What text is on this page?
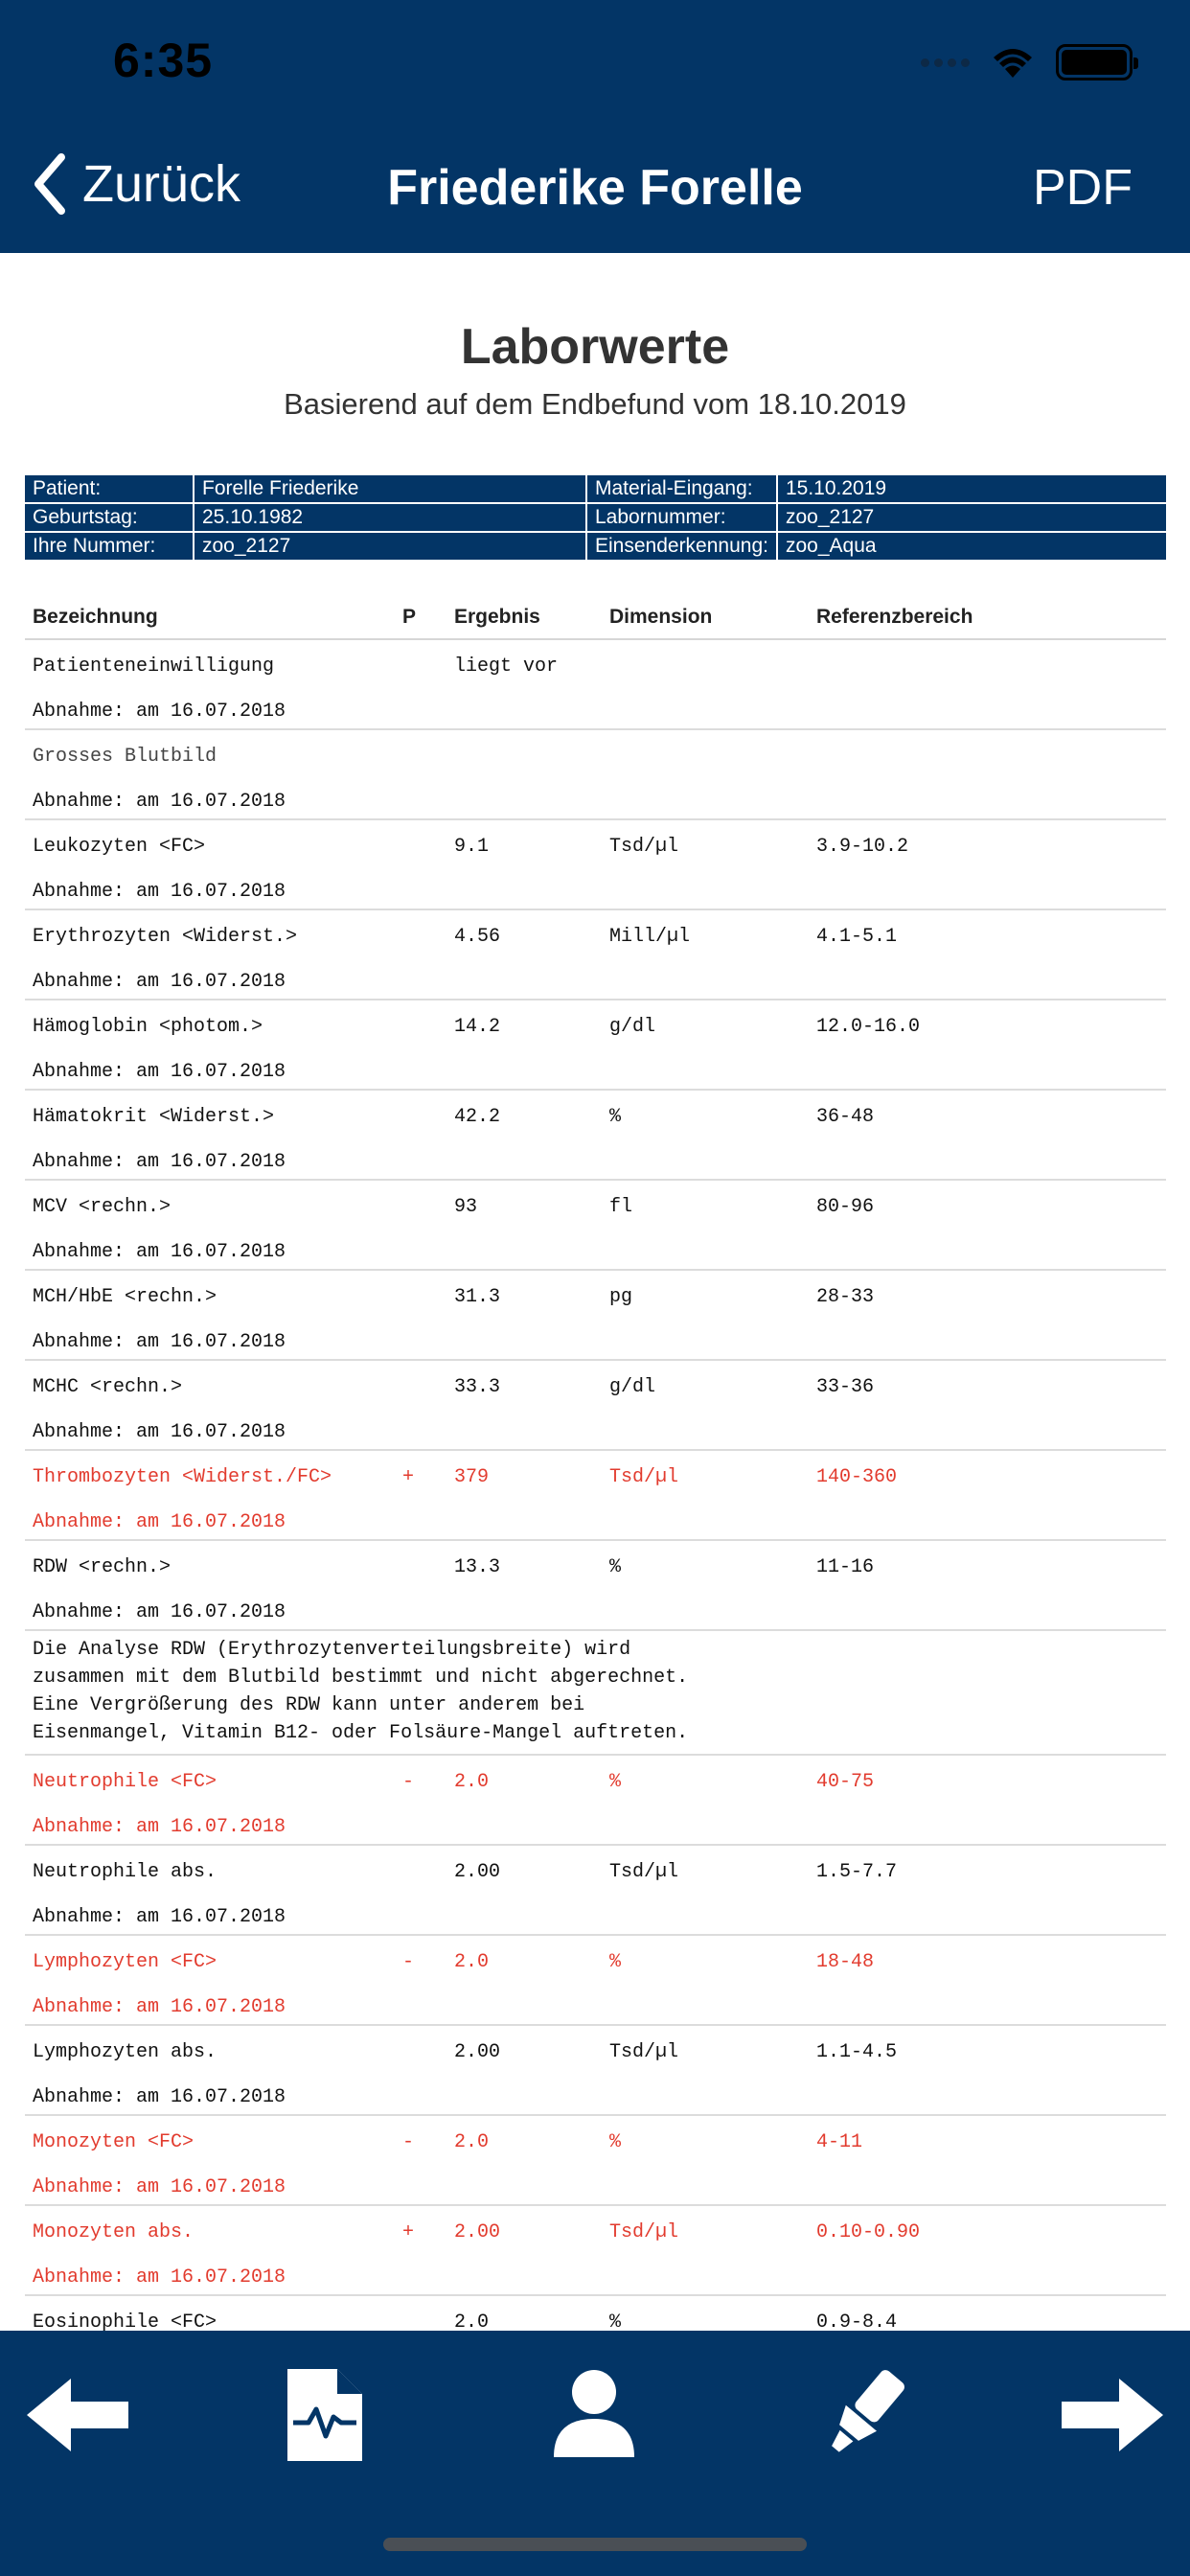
6:35
Zurück	Friederike Forelle	PDF
Laborwerte
Basierend auf dem Endbefund vom 18.10.2019
Patient:	Forelle Friederike	Material-Eingang:	15.10.2019
Geburtstag:	25.10.1982	Labornummer:	zoo_2127
Ihre Nummer:	zoo_2127	Einsenderkennung:	zoo_Aqua
Bezeichnung	P Ergebnis	Dimension	Referenzbereich
Patienteneinwilligung	liegt vor
Abnahme: am 16.07.2018
Grosses Blutbild
Abnahme: am 16.07.2018
Leukozyten <FC>	9.1	Tsd/µl	3.9-10.2
Abnahme: am 16.07.2018
Erythrozyten <Widerst.>	4.56	Mill/µl	4.1-5.1
Abnahme: am 16.07.2018
Hämoglobin <photom.>	14.2	g/dl	12.0-16.0
Abnahme: am 16.07.2018
Hämatokrit <Widerst.>	42.2	%	36-48
Abnahme: am 16.07.2018
MCV <rechn.>	93	fl	80-96
Abnahme: am 16.07.2018
MCH/HbE <rechn.>	31.3	pg	28-33
Abnahme: am 16.07.2018
MCHC <rechn.>	33.3	g/dl	33-36
Abnahme: am 16.07.2018
Thrombozyten <Widerst./FC>	+ 379	Tsd/µl	140-360
Abnahme: am 16.07.2018
RDW <rechn.>	13.3	%	11-16
Abnahme: am 16.07.2018
Die Analyse RDW (Erythrozytenverteilungsbreite) wird
zusammen mit dem Blutbild bestimmt und nicht abgerechnet.
Eine Vergrößerung des RDW kann unter anderem bei
Eisenmangel, Vitamin B12- oder Folsäure-Mangel auftreten.
Neutrophile <FC>	- 2.0	%	40-75
Abnahme: am 16.07.2018
Neutrophile abs.	2.00	Tsd/µl	1.5-7.7
Abnahme: am 16.07.2018
Lymphozyten <FC>	- 2.0	%	18-48
Abnahme: am 16.07.2018
Lymphozyten abs.	2.00	Tsd/µl	1.1-4.5
Abnahme: am 16.07.2018
Monozyten <FC>	- 2.0	%	4-11
Abnahme: am 16.07.2018
Monozyten abs.	+ 2.00	Tsd/µl	0.10-0.90
Abnahme: am 16.07.2018
Eosinophile <FC>	2.0	%	0.9-8.4
